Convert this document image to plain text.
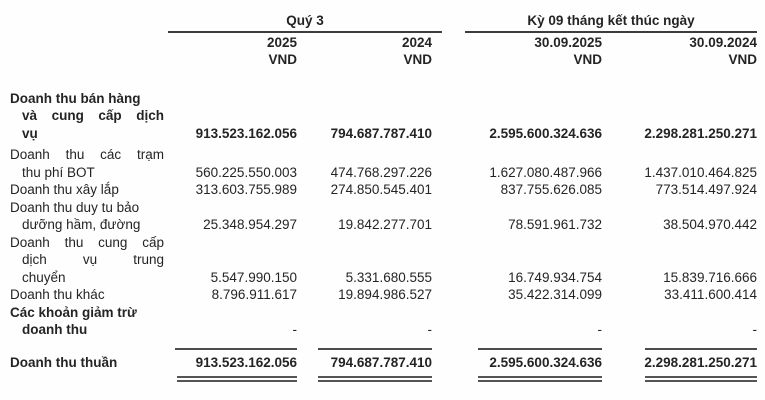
Quý 3	Kỳ 09 tháng kết thúc ngày
2025	2024	30.09.2025	30.09.2024
VND	VND	VND	VND
Doanh thu bán hàng
và cung cấp dịch
vụ	913.523.162.056	794.687.787.410	2.595.600.324.636	2.298.281.250.271
Doanh thu các trạm
thu phí BOT	560.225.550.003	474.768.297.226	1.627.080.487.966	1.437.010.464.825
Doanh thu xây lắp	313.603.755.989	274.850.545.401	837.755.626.085	773.514.497.924
Doanh thu duy tu bảo
dưỡng hầm, đường	25.348.954.297	19.842.277.701	78.591.961.732	38.504.970.442
Doanh thu cung cấp
dịch vụ trung
chuyển	5.547.990.150	5.331.680.555	16.749.934.754	15.839.716.666
Doanh thu khác	8.796.911.617	19.894.986.527	35.422.314.099	33.411.600.414
Các khoản giảm trừ
doanh thu	-	-	-	-
Doanh thu thuần	913.523.162.056	794.687.787.410	2.595.600.324.636	2.298.281.250.271
